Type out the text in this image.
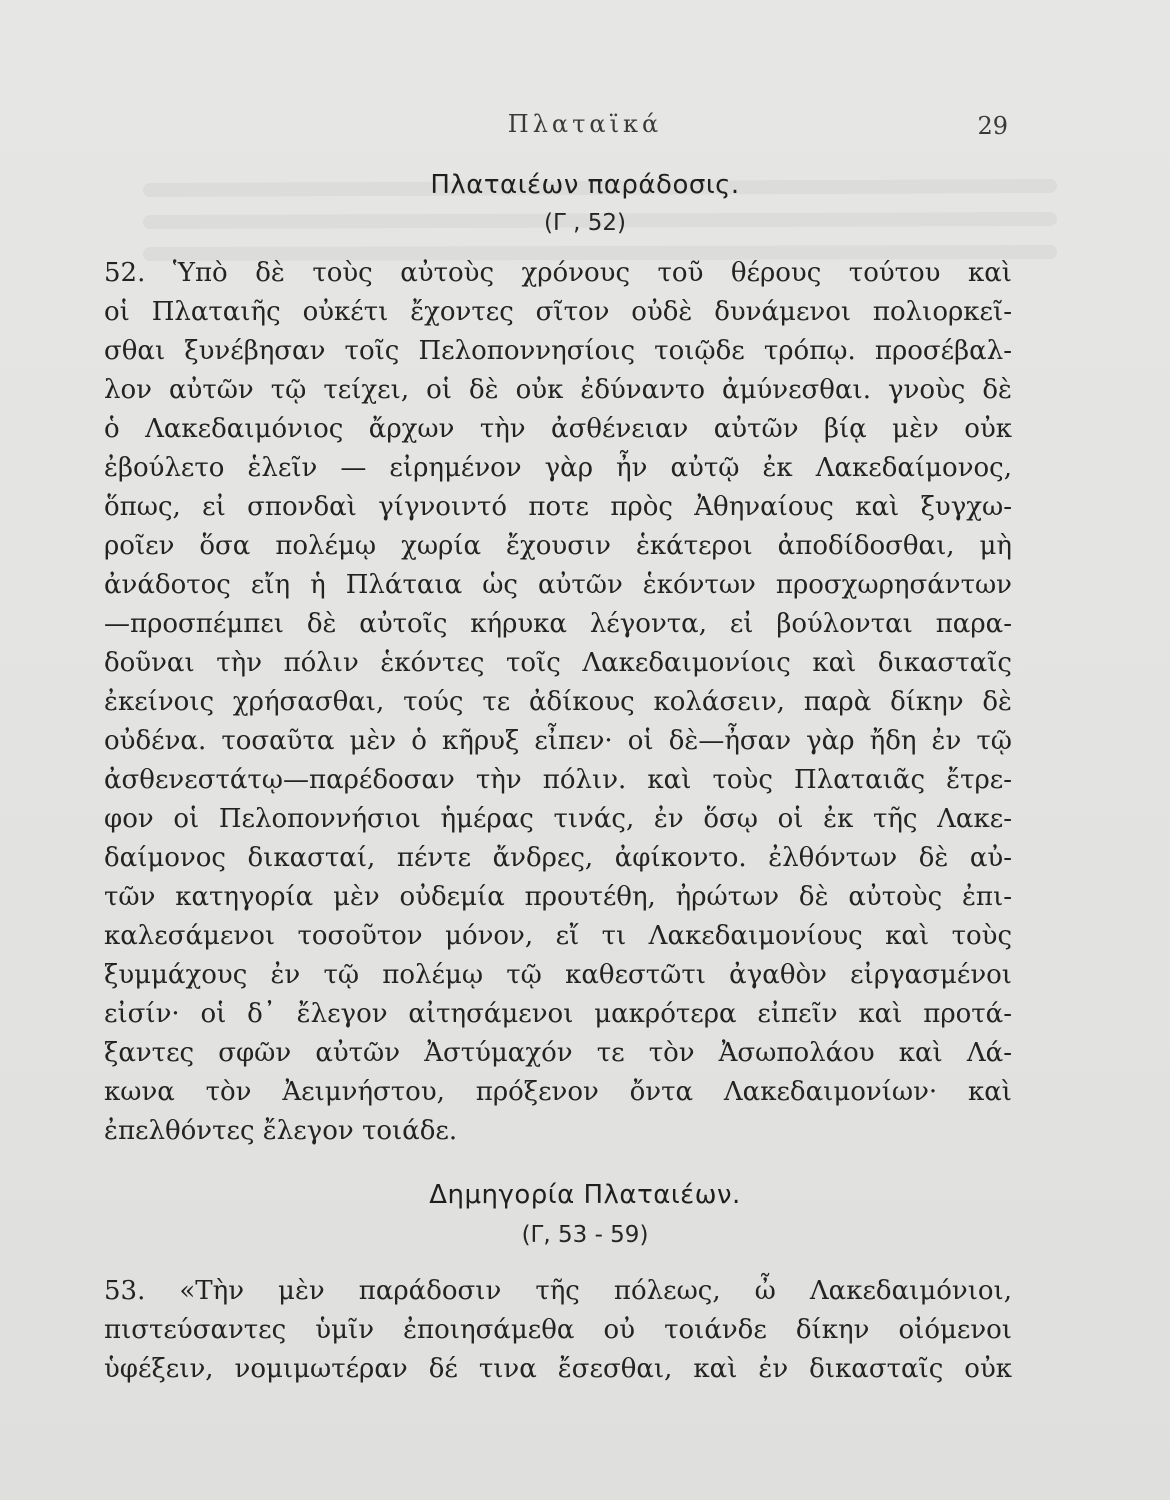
Πλαταϊκά	29
Πλαταιέων παράδοσις.
(Γ , 52)
52. Ὑπὸ δὲ τοὺς αὐτοὺς χρόνους τοῦ θέρους τούτου καὶ
οἱ Πλαταιῆς οὐκέτι ἔχοντες σῖτον οὐδὲ δυνάμενοι πολιορκεῖ-
σθαι ξυνέβησαν τοῖς Πελοποννησίοις τοιῷδε τρόπῳ. προσέβαλ-
λον αὐτῶν τῷ τείχει, οἱ δὲ οὐκ ἐδύναντο ἀμύνεσθαι. γνοὺς δὲ
ὁ Λακεδαιμόνιος ἄρχων τὴν ἀσθένειαν αὐτῶν βίᾳ μὲν οὐκ
ἐβούλετο ἑλεῖν — εἰρημένον γὰρ ἦν αὐτῷ ἐκ Λακεδαίμονος,
ὅπως, εἰ σπονδαὶ γίγνοιντό ποτε πρὸς Ἀθηναίους καὶ ξυγχω-
ροῖεν ὅσα πολέμῳ χωρία ἔχουσιν ἑκάτεροι ἀποδίδοσθαι, μὴ
ἀνάδοτος εἴη ἡ Πλάταια ὡς αὐτῶν ἑκόντων προσχωρησάντων
—προσπέμπει δὲ αὐτοῖς κήρυκα λέγοντα, εἰ βούλονται παρα-
δοῦναι τὴν πόλιν ἑκόντες τοῖς Λακεδαιμονίοις καὶ δικασταῖς
ἐκείνοις χρήσασθαι, τούς τε ἀδίκους κολάσειν, παρὰ δίκην δὲ
οὐδένα. τοσαῦτα μὲν ὁ κῆρυξ εἶπεν· οἱ δὲ—ἦσαν γὰρ ἤδη ἐν τῷ
ἀσθενεστάτῳ—παρέδοσαν τὴν πόλιν. καὶ τοὺς Πλαταιᾶς ἔτρε-
φον οἱ Πελοποννήσιοι ἡμέρας τινάς, ἐν ὅσῳ οἱ ἐκ τῆς Λακε-
δαίμονος δικασταί, πέντε ἄνδρες, ἀφίκοντο. ἐλθόντων δὲ αὐ-
τῶν κατηγορία μὲν οὐδεμία προυτέθη, ἠρώτων δὲ αὐτοὺς ἐπι-
καλεσάμενοι τοσοῦτον μόνον, εἴ τι Λακεδαιμονίους καὶ τοὺς
ξυμμάχους ἐν τῷ πολέμῳ τῷ καθεστῶτι ἀγαθὸν εἰργασμένοι
εἰσίν· οἱ δ᾽ ἔλεγον αἰτησάμενοι μακρότερα εἰπεῖν καὶ προτά-
ξαντες σφῶν αὐτῶν Ἀστύμαχόν τε τὸν Ἀσωπολάου καὶ Λά-
κωνα τὸν Ἀειμνήστου, πρόξενον ὄντα Λακεδαιμονίων· καὶ
ἐπελθόντες ἔλεγον τοιάδε.
Δημηγορία Πλαταιέων.
(Γ, 53 - 59)
53. «Τὴν μὲν παράδοσιν τῆς πόλεως, ὦ Λακεδαιμόνιοι,
πιστεύσαντες ὑμῖν ἐποιησάμεθα οὐ τοιάνδε δίκην οἰόμενοι
ὑφέξειν, νομιμωτέραν δέ τινα ἔσεσθαι, καὶ ἐν δικασταῖς οὐκ
